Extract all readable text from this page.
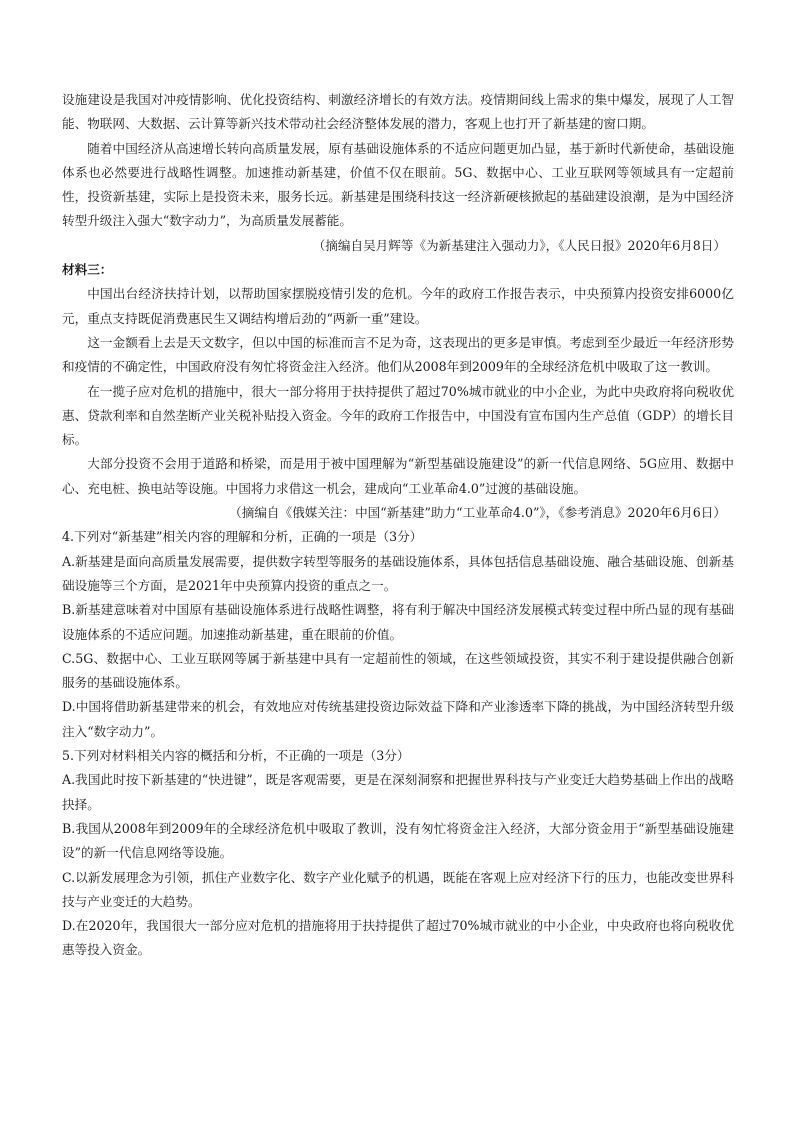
设施建设是我国对冲疫情影响、优化投资结构、刺激经济增长的有效方法。疫情期间线上需求的集中爆发，展现了人工智能、物联网、大数据、云计算等新兴技术带动社会经济整体发展的潜力，客观上也打开了新基建的窗口期。

随着中国经济从高速增长转向高质量发展，原有基础设施体系的不适应问题更加凸显，基于新时代新使命，基础设施体系也必然要进行战略性调整。加速推动新基建，价值不仅在眼前。5G、数据中心、工业互联网等领域具有一定超前性，投资新基建，实际上是投资未来，服务长远。新基建是围绕科技这一经济新硬核掀起的基础建设浪潮，是为中国经济转型升级注入强大“数字动力”，为高质量发展蓄能。

（摘编自吴月辉等《为新基建注入强动力》，《人民日报》2020年6月8日）

材料三：

中国出台经济扶持计划，以帮助国家摆脱疫情引发的危机。今年的政府工作报告表示，中央预算内投资安排6000亿元，重点支持既促消费惠民生又调结构增后劲的“两新一重”建设。

这一金额看上去是天文数字，但以中国的标准而言不足为奇，这表现出的更多是审慎。考虑到至少最近一年经济形势和疫情的不确定性，中国政府没有匆忙将资金注入经济。他们从2008年到2009年的全球经济危机中吸取了这一教训。

在一揽子应对危机的措施中，很大一部分将用于扶持提供了超过70%城市就业的中小企业，为此中央政府将向税收优惠、贷款利率和自然垄断产业关税补贴投入资金。今年的政府工作报告中，中国没有宣布国内生产总值（GDP）的增长目标。

大部分投资不会用于道路和桥梁，而是用于被中国理解为“新型基础设施建设”的新一代信息网络、5G应用、数据中心、充电桩、换电站等设施。中国将力求借这一机会，建成向“工业革命4.0”过渡的基础设施。

（摘编自《俄媒关注：中国“新基建”助力“工业革命4.0”》，《参考消息》2020年6月6日）

4.下列对“新基建”相关内容的理解和分析，正确的一项是（3分）

A.新基建是面向高质量发展需要，提供数字转型等服务的基础设施体系，具体包括信息基础设施、融合基础设施、创新基础设施等三个方面，是2021年中央预算内投资的重点之一。

B.新基建意味着对中国原有基础设施体系进行战略性调整，将有利于解决中国经济发展模式转变过程中所凸显的现有基础设施体系的不适应问题。加速推动新基建，重在眼前的价值。

C.5G、数据中心、工业互联网等属于新基建中具有一定超前性的领域，在这些领域投资，其实不利于建设提供融合创新服务的基础设施体系。

D.中国将借助新基建带来的机会，有效地应对传统基建投资边际效益下降和产业渗透率下降的挑战，为中国经济转型升级注入“数字动力”。

5.下列对材料相关内容的概括和分析，不正确的一项是（3分）

A.我国此时按下新基建的“快进键”，既是客观需要，更是在深刻洞察和把握世界科技与产业变迁大趋势基础上作出的战略抉择。

B.我国从2008年到2009年的全球经济危机中吸取了教训，没有匆忙将资金注入经济，大部分资金用于“新型基础设施建设”的新一代信息网络等设施。

C.以新发展理念为引领，抓住产业数字化、数字产业化赋予的机遇，既能在客观上应对经济下行的压力，也能改变世界科技与产业变迁的大趋势。

D.在2020年，我国很大一部分应对危机的措施将用于扶持提供了超过70%城市就业的中小企业，中央政府也将向税收优惠等投入资金。
